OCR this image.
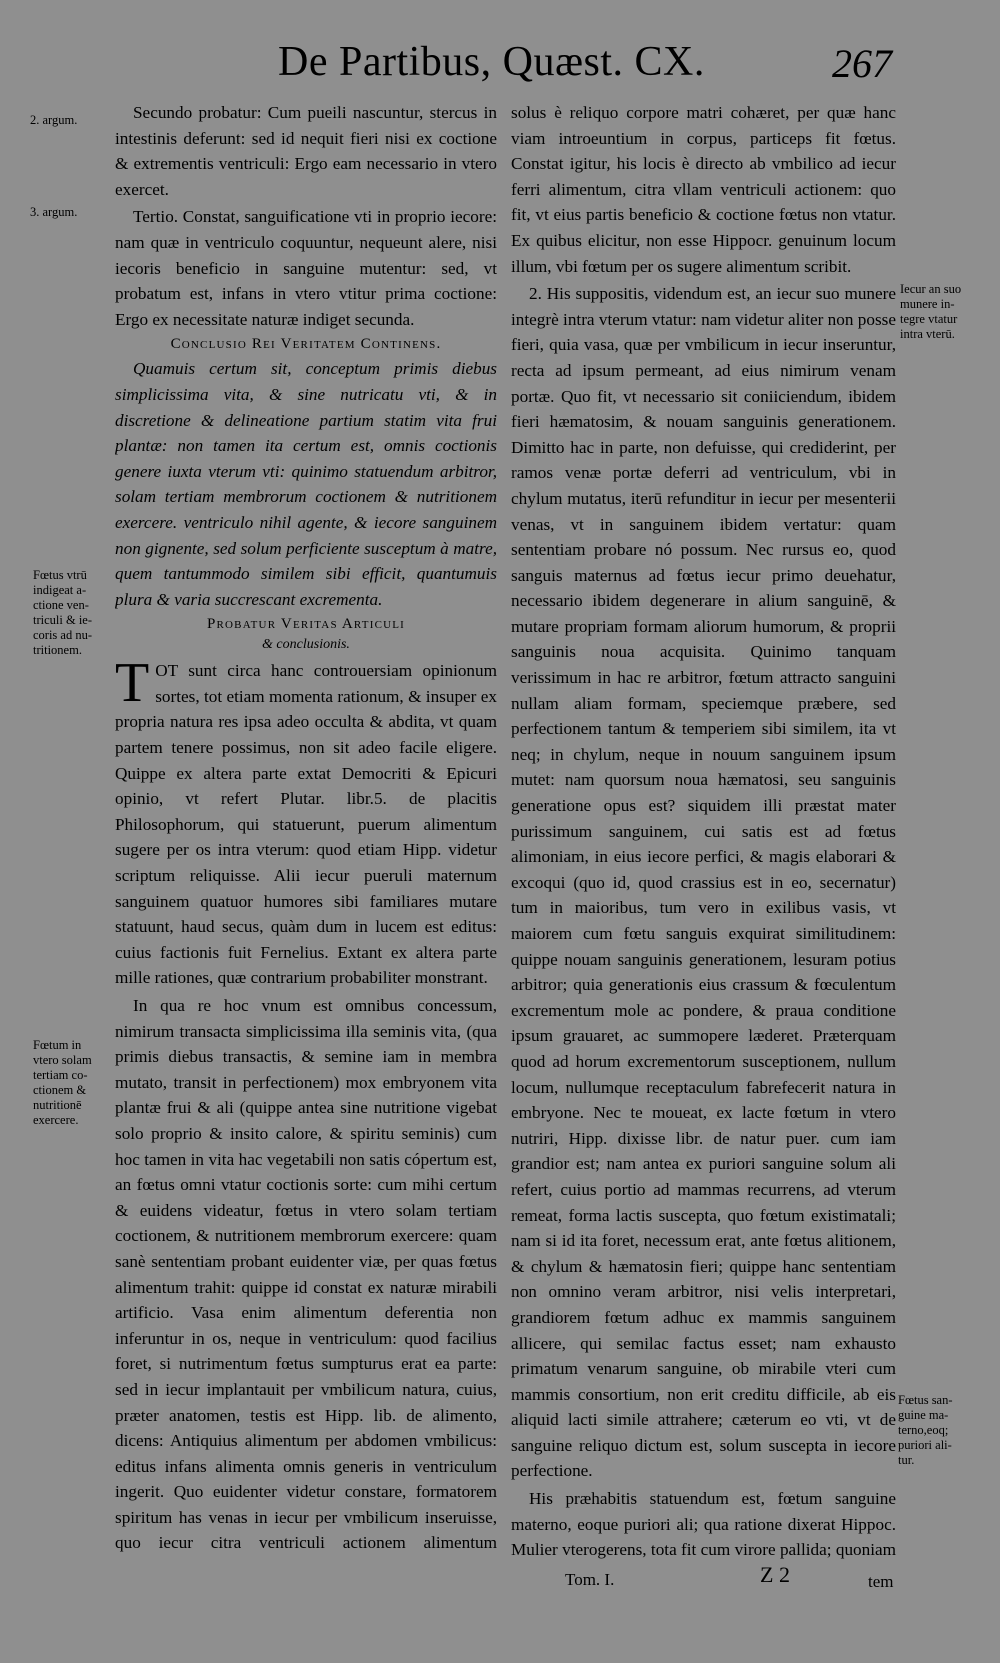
De Partibus, Quæst. CX.	267
2. argum.
3. argum.
Fœtus vtrū
indigeat a-
ctione ven-
triculi & ie-
coris ad nu-
tritionem.
Fœtum in
vtero solam
tertiam co-
ctionem &
nutritionē
exercere.
Iecur an suo
munere in-
tegre vtatur
intra vterū.
Fœtus san-
guine ma-
terno,eoq;
puriori ali-
tur.

Secundo probatur: Cum pueili nascuntur, stercus in intestinis deferunt: sed id nequit fieri nisi ex coctione & extrementis ventriculi: Ergo eam necessario in vtero exercet.

Tertio. Constat, sanguificatione vti in proprio iecore: nam quæ in ventriculo coquuntur, nequeunt alere, nisi iecoris beneficio in sanguine mutentur: sed, vt probatum est, infans in vtero vtitur prima coctione: Ergo ex necessitate naturæ indiget secunda.

Conclusio Rei Veritatem Continens.

Quamuis certum sit, conceptum primis diebus simplicissima vita, & sine nutricatu vti, & in discretione & delineatione partium statim vita frui plantæ: non tamen ita certum est, omnis coctionis genere iuxta vterum vti: quinimo statuendum arbitror, solam tertiam membrorum coctionem & nutritionem exercere. ventriculo nihil agente, & iecore sanguinem non gignente, sed solum perficiente susceptum à matre, quem tantummodo similem sibi efficit, quantumuis plura & varia succrescant excrementa.

Probatur Veritas Articuli
& conclusionis.

TOT sunt circa hanc controuersiam opinionum sortes, tot etiam momenta rationum, & insuper ex propria natura res ipsa adeo occulta & abdita, vt quam partem tenere possimus, non sit adeo facile eligere. Quippe ex altera parte extat Democriti & Epicuri opinio, vt refert Plutar. libr.5. de placitis Philosophorum, qui statuerunt, puerum alimentum sugere per os intra vterum: quod etiam Hipp. videtur scriptum reliquisse. Alii iecur pueruli maternum sanguinem quatuor humores sibi familiares mutare statuunt, haud secus, quàm dum in lucem est editus: cuius factionis fuit Fernelius. Extant ex altera parte mille rationes, quæ contrarium probabiliter monstrant.

In qua re hoc vnum est omnibus concessum, nimirum transacta simplicissima illa seminis vita, (qua primis diebus transactis, & semine iam in membra mutato, transit in perfectionem) mox embryonem vita plantæ frui & ali (quippe antea sine nutritione vigebat solo proprio & insito calore, & spiritu seminis) cum hoc tamen in vita hac vegetabili non satis cópertum est, an fœtus omni vtatur coctionis sorte: cum mihi certum & euidens videatur, fœtus in vtero solam tertiam coctionem, & nutritionem membrorum exercere: quam sanè sententiam probant euidenter viæ, per quas fœtus alimentum trahit: quippe id constat ex naturæ mirabili artificio. Vasa enim alimentum deferentia non inferuntur in os, neque in ventriculum: quod facilius foret, si nutrimentum fœtus sumpturus erat ea parte: sed in iecur implantauit per vmbilicum natura, cuius, præter anatomen, testis est Hipp. lib. de alimento, dicens: Antiquius alimentum per abdomen vmbilicus: editus infans alimenta omnis generis in ventriculum ingerit. Quo euidenter videtur constare, formatorem spiritum has venas in iecur per vmbilicum inseruisse, quo iecur citra ventriculi actionem alimentum

solus è reliquo corpore matri cohæret, per quæ hanc viam introeuntium in corpus, particeps fit fœtus. Constat igitur, his locis è directo ab vmbilico ad iecur ferri alimentum, citra vllam ventriculi actionem: quo fit, vt eius partis beneficio & coctione fœtus non vtatur. Ex quibus elicitur, non esse Hippocr. genuinum locum illum, vbi fœtum per os sugere alimentum scribit.

2. His suppositis, videndum est, an iecur suo munere integrè intra vterum vtatur: nam videtur aliter non posse fieri, quia vasa, quæ per vmbilicum in iecur inseruntur, recta ad ipsum permeant, ad eius nimirum venam portæ. Quo fit, vt necessario sit coniiciendum, ibidem fieri hæmatosim, & nouam sanguinis generationem. Dimitto hac in parte, non defuisse, qui crediderint, per ramos venæ portæ deferri ad ventriculum, vbi in chylum mutatus, iterū refunditur in iecur per mesenterii venas, vt in sanguinem ibidem vertatur: quam sententiam probare nó possum. Nec rursus eo, quod sanguis maternus ad fœtus iecur primo deuehatur, necessario ibidem degenerare in alium sanguinē, & mutare propriam formam aliorum humorum, & proprii sanguinis noua acquisita. Quinimo tanquam verissimum in hac re arbitror, fœtum attracto sanguini nullam aliam formam, speciemque præbere, sed perfectionem tantum & temperiem sibi similem, ita vt neq; in chylum, neque in nouum sanguinem ipsum mutet: nam quorsum noua hæmatosi, seu sanguinis generatione opus est? siquidem illi præstat mater purissimum sanguinem, cui satis est ad fœtus alimoniam, in eius iecore perfici, & magis elaborari & excoqui (quo id, quod crassius est in eo, secernatur) tum in maioribus, tum vero in exilibus vasis, vt maiorem cum fœtu sanguis exquirat similitudinem: quippe nouam sanguinis generationem, lesuram potius arbitror; quia generationis eius crassum & fœculentum excrementum mole ac pondere, & praua conditione ipsum grauaret, ac summopere læderet. Præterquam quod ad horum excrementorum susceptionem, nullum locum, nullumque receptaculum fabrefecerit natura in embryone. Nec te moueat, ex lacte fœtum in vtero nutriri, Hipp. dixisse libr. de natur puer. cum iam grandior est; nam antea ex puriori sanguine solum ali refert, cuius portio ad mammas recurrens, ad vterum remeat, forma lactis suscepta, quo fœtum existimatali; nam si id ita foret, necessum erat, ante fœtus alitionem, & chylum & hæmatosin fieri; quippe hanc sententiam non omnino veram arbitror, nisi velis interpretari, grandiorem fœtum adhuc ex mammis sanguinem allicere, qui semilac factus esset; nam exhausto primatum venarum sanguine, ob mirabile vteri cum mammis consortium, non erit creditu difficile, ab eis aliquid lacti simile attrahere; cæterum eo vti, vt de sanguine reliquo dictum est, solum suscepta in iecore perfectione.

His præhabitis statuendum est, fœtum sanguine materno, eoque puriori ali; qua ratione dixerat Hippoc. Mulier vterogerens, tota fit cum virore pallida; quoniam

Tom. I.	Z 2	tem
